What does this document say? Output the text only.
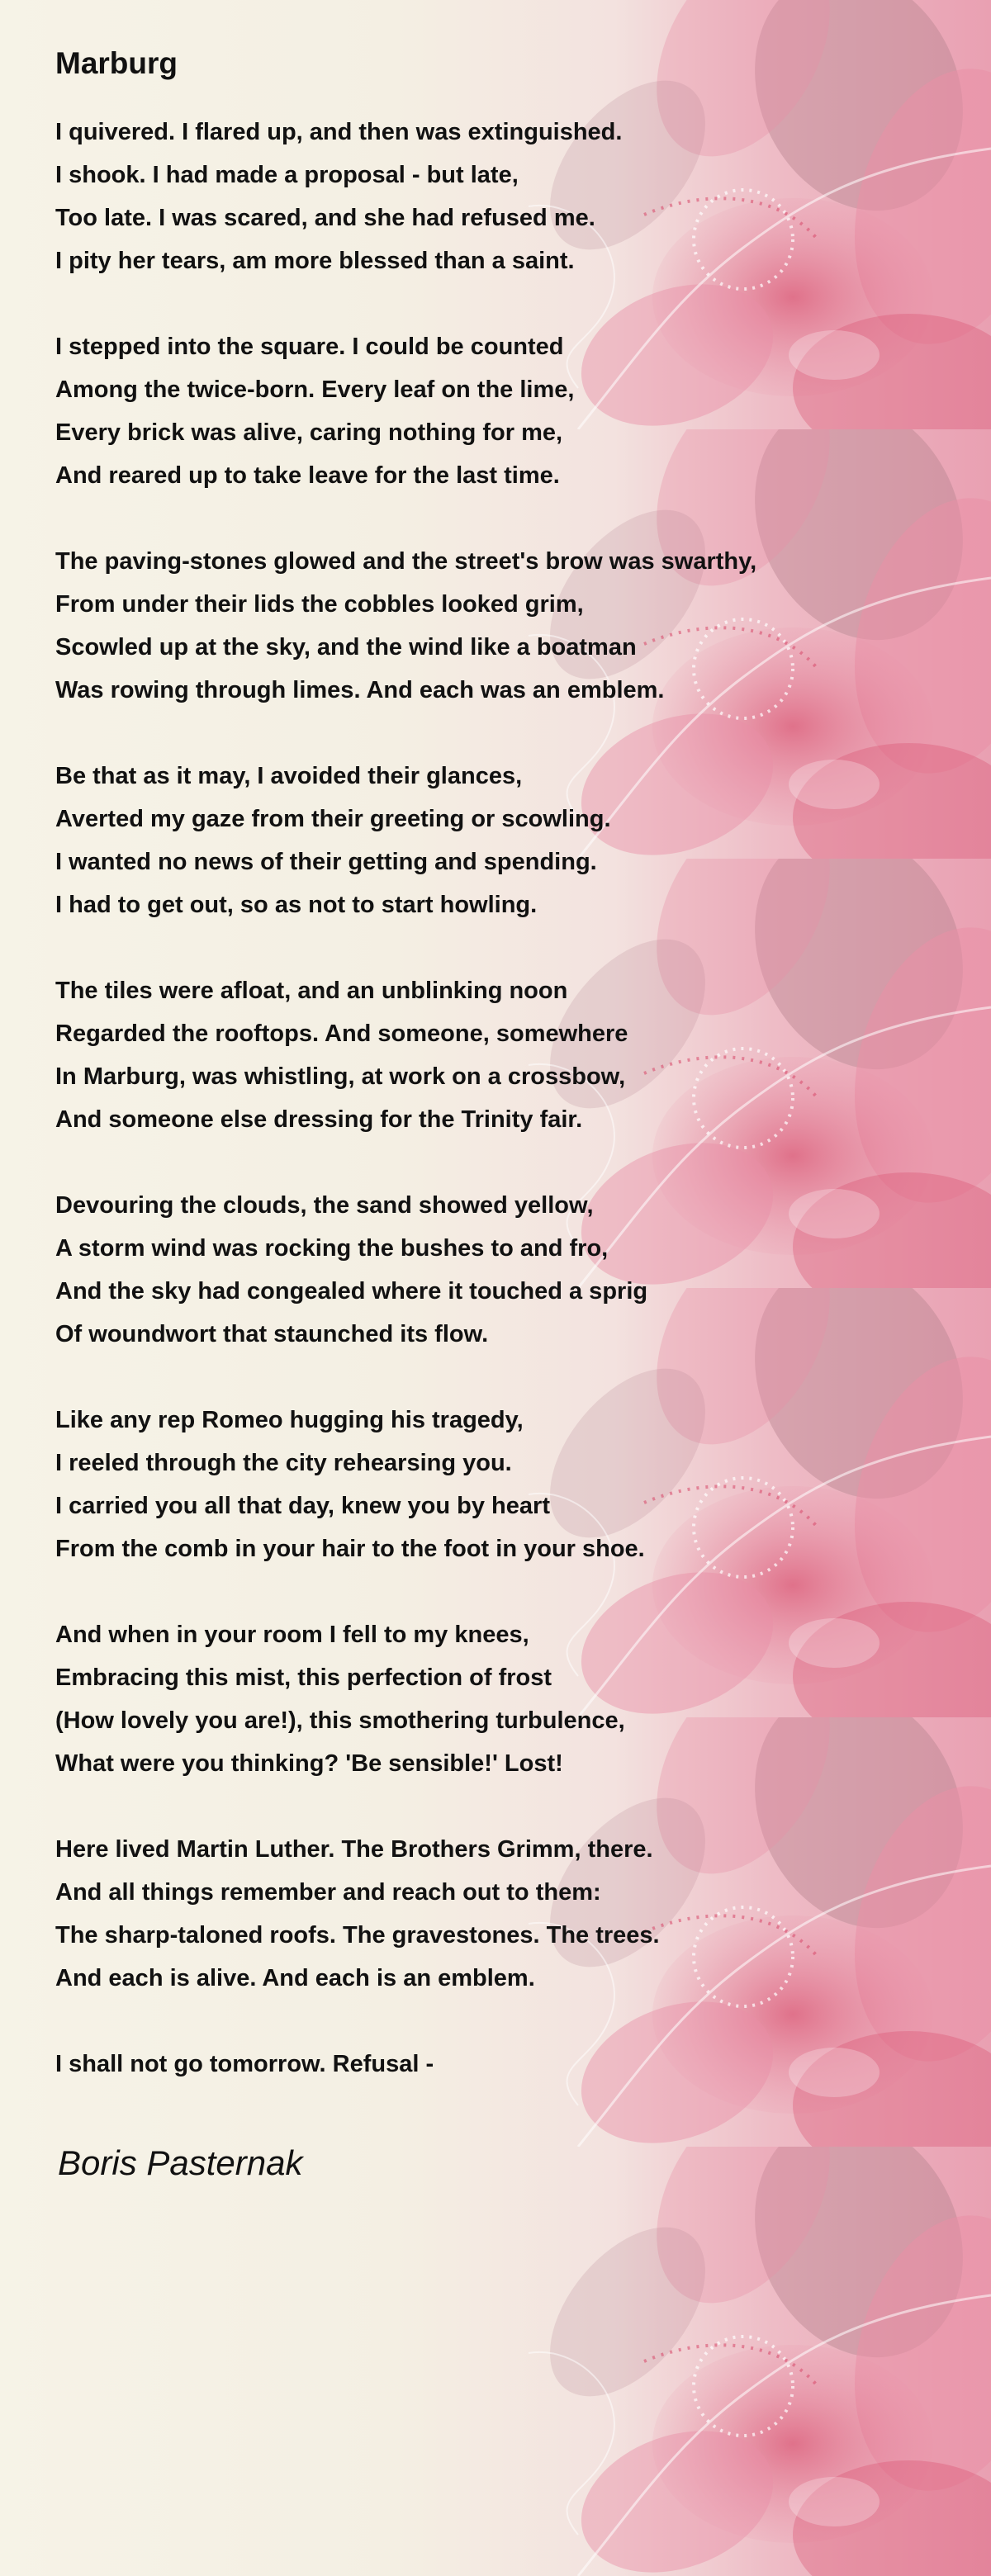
Marburg
I quivered. I flared up, and then was extinguished.
I shook. I had made a proposal - but late,
Too late. I was scared, and she had refused me.
I pity her tears, am more blessed than a saint.
I stepped into the square. I could be counted
Among the twice-born. Every leaf on the lime,
Every brick was alive, caring nothing for me,
And reared up to take leave for the last time.
The paving-stones glowed and the street's brow was swarthy,
From under their lids the cobbles looked grim,
Scowled up at the sky, and the wind like a boatman
Was rowing through limes. And each was an emblem.
Be that as it may, I avoided their glances,
Averted my gaze from their greeting or scowling.
I wanted no news of their getting and spending.
I had to get out, so as not to start howling.
The tiles were afloat, and an unblinking noon
Regarded the rooftops. And someone, somewhere
In Marburg, was whistling, at work on a crossbow,
And someone else dressing for the Trinity fair.
Devouring the clouds, the sand showed yellow,
A storm wind was rocking the bushes to and fro,
And the sky had congealed where it touched a sprig
Of woundwort that staunched its flow.
Like any rep Romeo hugging his tragedy,
I reeled through the city rehearsing you.
I carried you all that day, knew you by heart
From the comb in your hair to the foot in your shoe.
And when in your room I fell to my knees,
Embracing this mist, this perfection of frost
(How lovely you are!), this smothering turbulence,
What were you thinking? 'Be sensible!' Lost!
Here lived Martin Luther. The Brothers Grimm, there.
And all things remember and reach out to them:
The sharp-taloned roofs. The gravestones. The trees.
And each is alive. And each is an emblem.
I shall not go tomorrow. Refusal -
Boris Pasternak
